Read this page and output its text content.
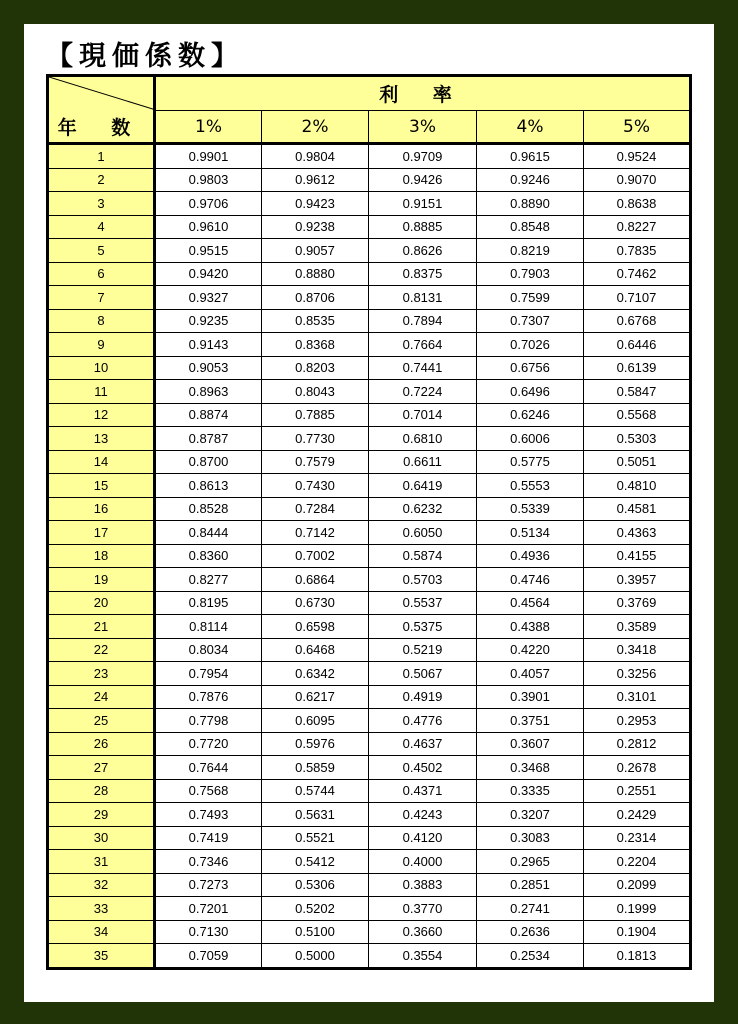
【現価係数】
年 数	利 率				
	1%	2%	3%	4%	5%
1	0.9901	0.9804	0.9709	0.9615	0.9524
2	0.9803	0.9612	0.9426	0.9246	0.9070
3	0.9706	0.9423	0.9151	0.8890	0.8638
4	0.9610	0.9238	0.8885	0.8548	0.8227
5	0.9515	0.9057	0.8626	0.8219	0.7835
6	0.9420	0.8880	0.8375	0.7903	0.7462
7	0.9327	0.8706	0.8131	0.7599	0.7107
8	0.9235	0.8535	0.7894	0.7307	0.6768
9	0.9143	0.8368	0.7664	0.7026	0.6446
10	0.9053	0.8203	0.7441	0.6756	0.6139
11	0.8963	0.8043	0.7224	0.6496	0.5847
12	0.8874	0.7885	0.7014	0.6246	0.5568
13	0.8787	0.7730	0.6810	0.6006	0.5303
14	0.8700	0.7579	0.6611	0.5775	0.5051
15	0.8613	0.7430	0.6419	0.5553	0.4810
16	0.8528	0.7284	0.6232	0.5339	0.4581
17	0.8444	0.7142	0.6050	0.5134	0.4363
18	0.8360	0.7002	0.5874	0.4936	0.4155
19	0.8277	0.6864	0.5703	0.4746	0.3957
20	0.8195	0.6730	0.5537	0.4564	0.3769
21	0.8114	0.6598	0.5375	0.4388	0.3589
22	0.8034	0.6468	0.5219	0.4220	0.3418
23	0.7954	0.6342	0.5067	0.4057	0.3256
24	0.7876	0.6217	0.4919	0.3901	0.3101
25	0.7798	0.6095	0.4776	0.3751	0.2953
26	0.7720	0.5976	0.4637	0.3607	0.2812
27	0.7644	0.5859	0.4502	0.3468	0.2678
28	0.7568	0.5744	0.4371	0.3335	0.2551
29	0.7493	0.5631	0.4243	0.3207	0.2429
30	0.7419	0.5521	0.4120	0.3083	0.2314
31	0.7346	0.5412	0.4000	0.2965	0.2204
32	0.7273	0.5306	0.3883	0.2851	0.2099
33	0.7201	0.5202	0.3770	0.2741	0.1999
34	0.7130	0.5100	0.3660	0.2636	0.1904
35	0.7059	0.5000	0.3554	0.2534	0.1813
